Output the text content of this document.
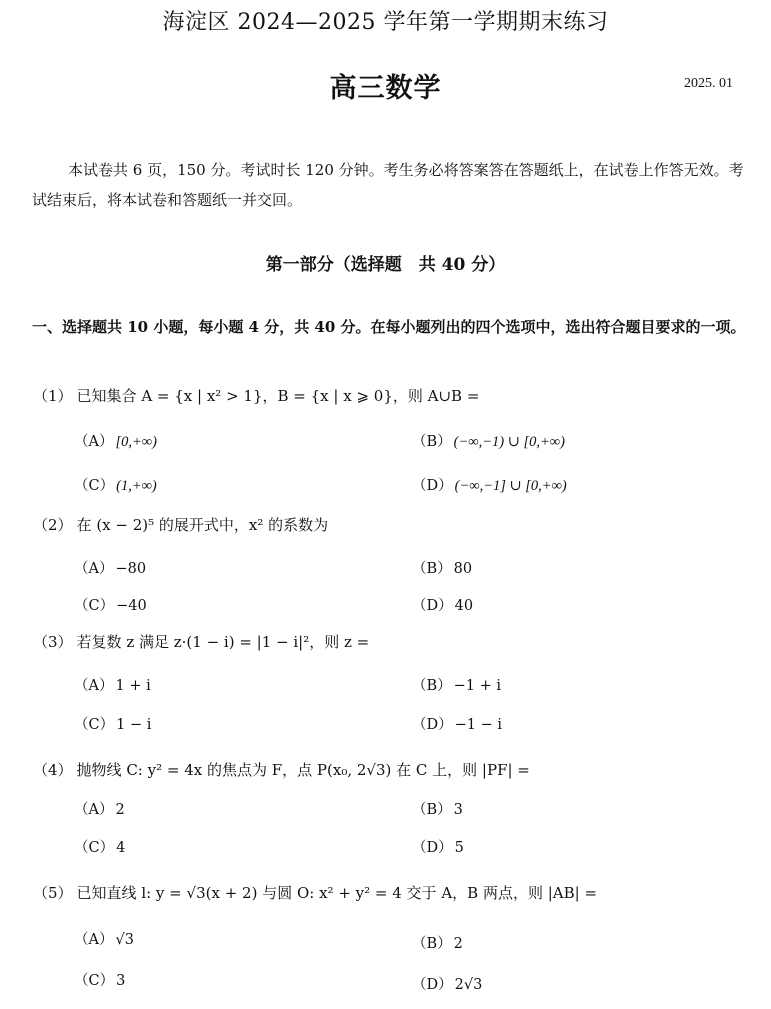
海淀区 2024—2025 学年第一学期期末练习
高三数学	2025. 01
本试卷共 6 页，150 分。考试时长 120 分钟。考生务必将答案答在答题纸上，在试卷上作答无效。考试结束后，将本试卷和答题纸一并交回。
第一部分（选择题　共 40 分）
一、选择题共 10 小题，每小题 4 分，共 40 分。在每小题列出的四个选项中，选出符合题目要求的一项。
（1） 已知集合 A = {x | x² > 1}，B = {x | x ⩾ 0}，则 A∪B =
（A） [0,+∞)	（B） (−∞,−1) ∪ [0,+∞)
（C） (1,+∞)	（D） (−∞,−1] ∪ [0,+∞)
（2） 在 (x − 2)⁵ 的展开式中，x² 的系数为
（A） −80	（B） 80
（C） −40	（D） 40
（3） 若复数 z 满足 z·(1 − i) = |1 − i|²，则 z =
（A） 1 + i	（B） −1 + i
（C） 1 − i	（D） −1 − i
（4） 抛物线 C: y² = 4x 的焦点为 F，点 P(x₀, 2√3) 在 C 上，则 |PF| =
（A） 2	（B） 3
（C） 4	（D） 5
（5） 已知直线 l: y = √3(x + 2) 与圆 O: x² + y² = 4 交于 A，B 两点，则 |AB| =
（A） √3	（B） 2
（C） 3	（D） 2√3
